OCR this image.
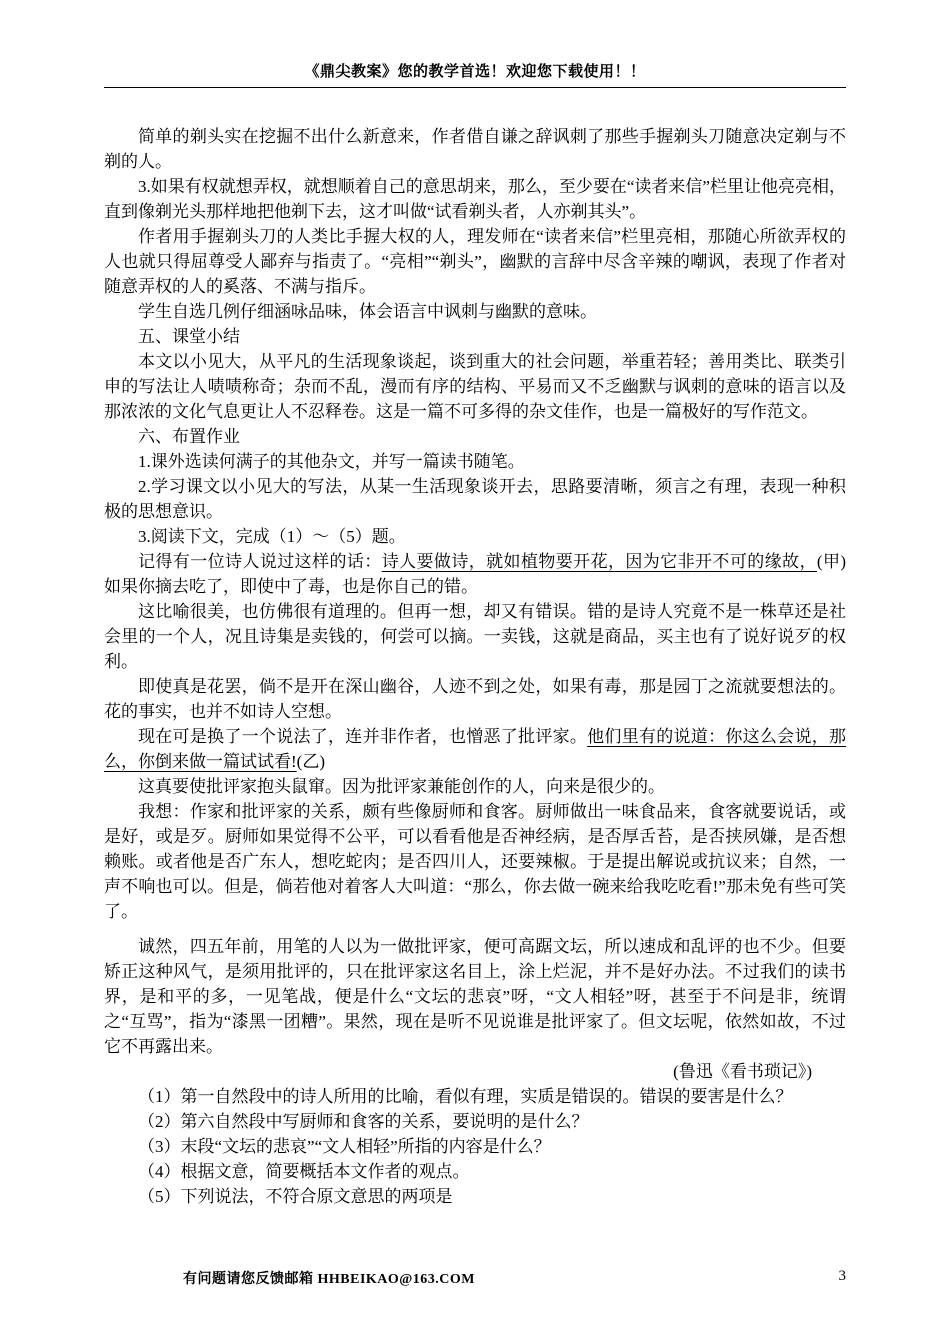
《鼎尖教案》您的教学首选！欢迎您下载使用！！

简单的剃头实在挖掘不出什么新意来，作者借自谦之辞讽刺了那些手握剃头刀随意决定剃与不剃的人。

3.如果有权就想弄权，就想顺着自己的意思胡来，那么，至少要在“读者来信”栏里让他亮亮相，直到像剃光头那样地把他剃下去，这才叫做“试看剃头者，人亦剃其头”。

作者用手握剃头刀的人类比手握大权的人，理发师在“读者来信”栏里亮相，那随心所欲弄权的人也就只得屈尊受人鄙弃与指责了。“亮相”“剃头”，幽默的言辞中尽含辛辣的嘲讽，表现了作者对随意弄权的人的奚落、不满与指斥。

学生自选几例仔细涵咏品味，体会语言中讽刺与幽默的意味。

五、课堂小结

本文以小见大，从平凡的生活现象谈起，谈到重大的社会问题，举重若轻；善用类比、联类引申的写法让人啧啧称奇；杂而不乱，漫而有序的结构、平易而又不乏幽默与讽刺的意味的语言以及那浓浓的文化气息更让人不忍释卷。这是一篇不可多得的杂文佳作，也是一篇极好的写作范文。

六、布置作业

1.课外选读何满子的其他杂文，并写一篇读书随笔。

2.学习课文以小见大的写法，从某一生活现象谈开去，思路要清晰，须言之有理，表现一种积极的思想意识。

3.阅读下文，完成（1）～（5）题。

记得有一位诗人说过这样的话：诗人要做诗，就如植物要开花，因为它非开不可的缘故，(甲)如果你摘去吃了，即使中了毒，也是你自己的错。

这比喻很美，也仿佛很有道理的。但再一想，却又有错误。错的是诗人究竟不是一株草还是社会里的一个人，况且诗集是卖钱的，何尝可以摘。一卖钱，这就是商品，买主也有了说好说歹的权利。

即使真是花罢，倘不是开在深山幽谷，人迹不到之处，如果有毒，那是园丁之流就要想法的。花的事实，也并不如诗人空想。

现在可是换了一个说法了，连并非作者，也憎恶了批评家。他们里有的说道：你这么会说，那么，你倒来做一篇试试看!(乙)

这真要使批评家抱头鼠窜。因为批评家兼能创作的人，向来是很少的。

我想：作家和批评家的关系，颇有些像厨师和食客。厨师做出一味食品来，食客就要说话，或是好，或是歹。厨师如果觉得不公平，可以看看他是否神经病，是否厚舌苔，是否挟夙嫌，是否想赖账。或者他是否广东人，想吃蛇肉；是否四川人，还要辣椒。于是提出解说或抗议来；自然，一声不响也可以。但是，倘若他对着客人大叫道：“那么，你去做一碗来给我吃吃看!”那未免有些可笑了。

诚然，四五年前，用笔的人以为一做批评家，便可高踞文坛，所以速成和乱评的也不少。但要矫正这种风气，是须用批评的，只在批评家这名目上，涂上烂泥，并不是好办法。不过我们的读书界，是和平的多，一见笔战，便是什么“文坛的悲哀”呀，“文人相轻”呀，甚至于不问是非，统谓之“互骂”，指为“漆黑一团糟”。果然，现在是听不见说谁是批评家了。但文坛呢，依然如故，不过它不再露出来。

(鲁迅《看书琐记》)

（1）第一自然段中的诗人所用的比喻，看似有理，实质是错误的。错误的要害是什么？

（2）第六自然段中写厨师和食客的关系，要说明的是什么？

（3）末段“文坛的悲哀”“文人相轻”所指的内容是什么？

（4）根据文意，简要概括本文作者的观点。

（5）下列说法，不符合原文意思的两项是

有问题请您反馈邮箱 HHBEIKAO@163.COM	3
